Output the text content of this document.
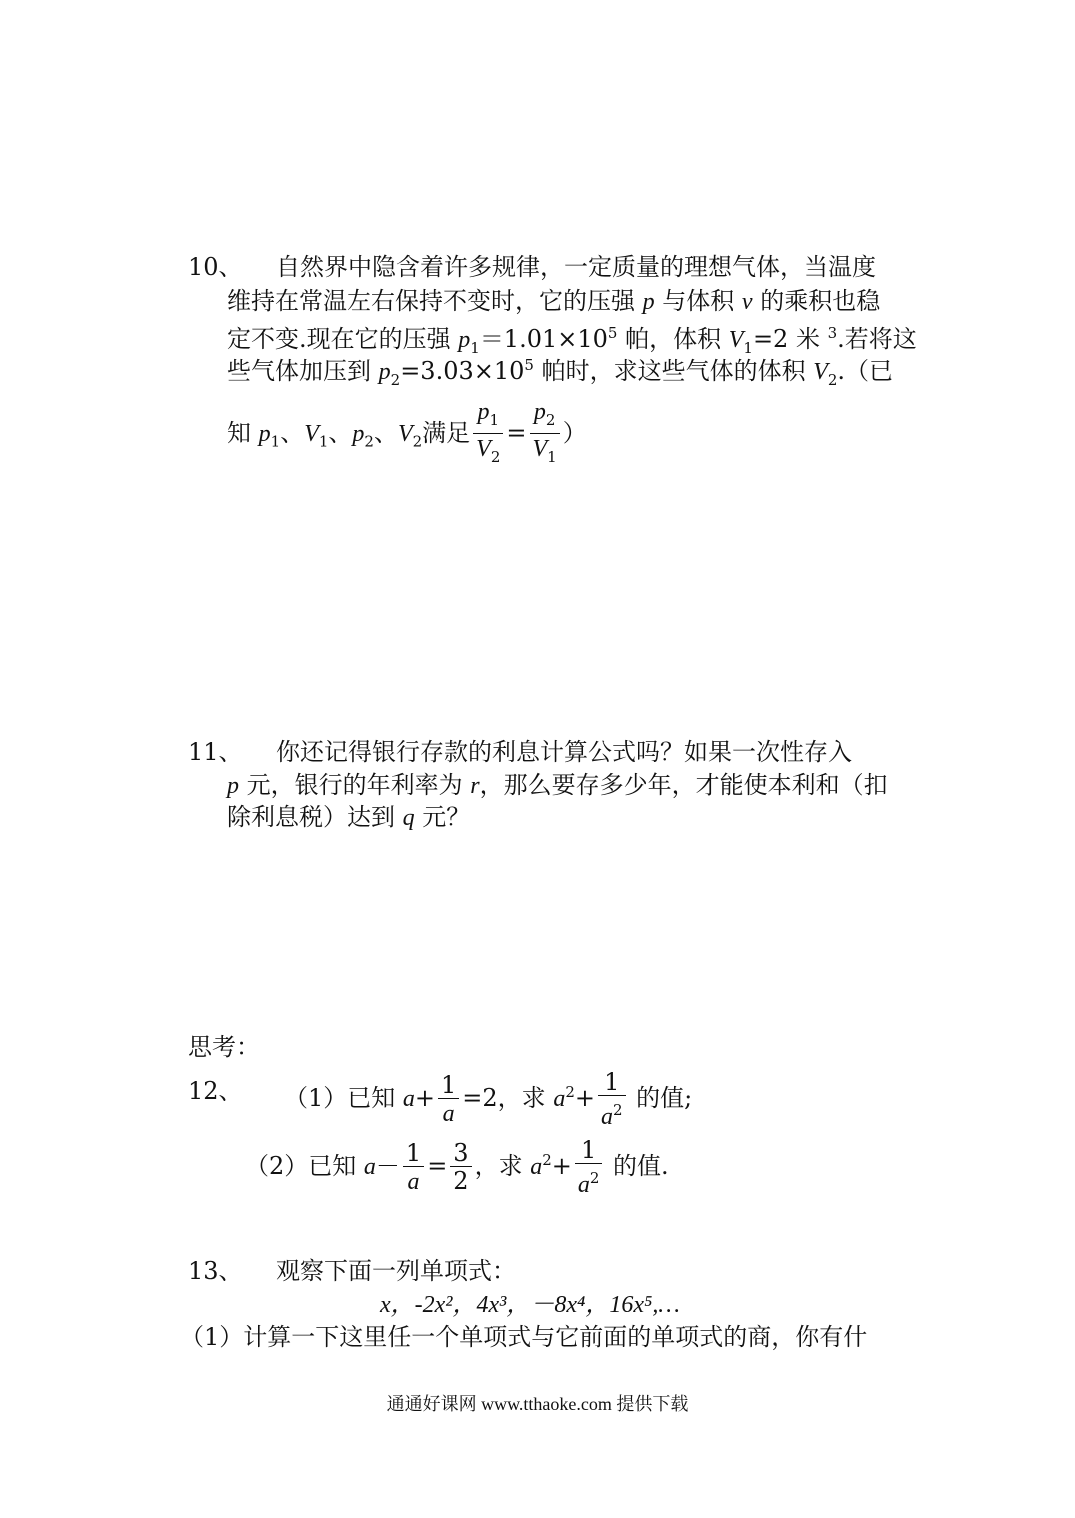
10、 自然界中隐含着许多规律，一定质量的理想气体，当温度
维持在常温左右保持不变时，它的压强 p 与体积 v 的乘积也稳
定不变.现在它的压强 $p_1=1.01\times 10^5$ 帕，体积 $V_1=2$ 米 $^3$.若将这
些气体加压到 $p_2=3.03\times 10^5$ 帕时，求这些气体的体积 $V_2$.（已
知 $p_1$、$V_1$、$p_2$、$V_2$满足 $\frac{p_1}{V_2} = \frac{p_2}{V_1}$ ）
11、 你还记得银行存款的利息计算公式吗？如果一次性存入
p 元，银行的年利率为 r，那么要存多少年，才能使本利和（扣
除利息税）达到 q 元？
思考：
12、 （1）已知 $a+ \frac{1}{a} =2$，求 $a^2+ \frac{1}{a^2}$ 的值;
（2）已知 $a- \frac{1}{a} = \frac{3}{2}$ ，求 $a^2+ \frac{1}{a^2}$ 的值.
13、 观察下面一列单项式：
x，-2x²，4x³，－8x⁴，16x⁵,…
（1）计算一下这里任一个单项式与它前面的单项式的商，你有什
通通好课网 www.tthaoke.com 提供下载
